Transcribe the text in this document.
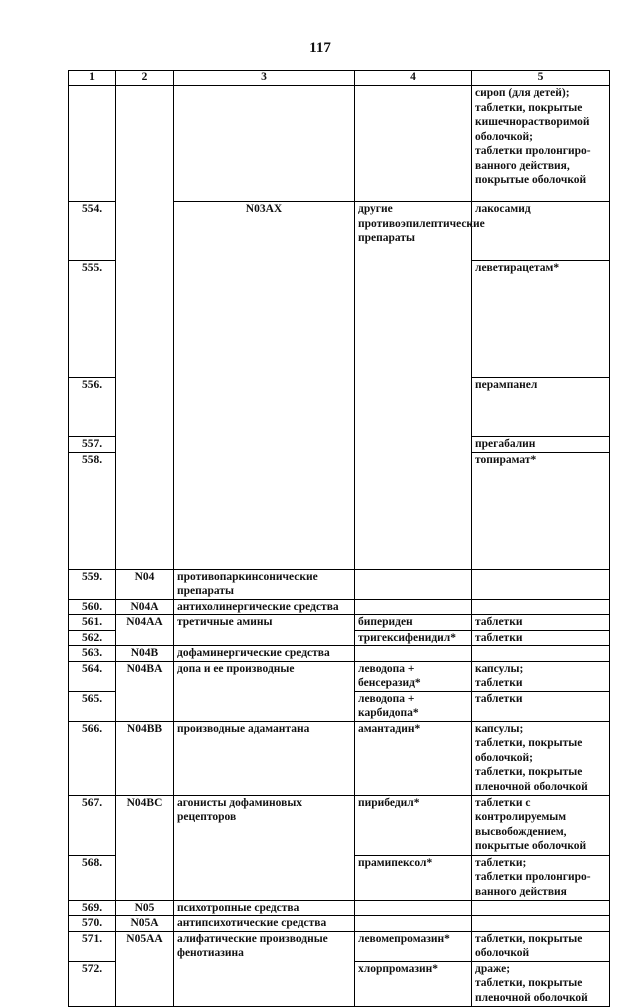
117
1	2	3	4	5	
				сироп (для детей);
таблетки, покрытые кишечнорастворимой оболочкой;
таблетки пролонгиро-ванного действия, покрытые оболочкой	
554.		N03AX	другие противоэпилептические препараты	лакосамид	
555.				леветирацетам*	
556.				перампанел	
557.				прегабалин	
558.				топирамат*	
559.	N04	противопаркинсонические препараты			
560.	N04A	антихолинергические средства			
561.	N04AA	третичные амины	бипериден	таблетки	
562.			тригексифенидил*	таблетки	
563.	N04B	дофаминергические средства			
564.	N04BA	допа и ее производные	леводопа + бенсеразид*	капсулы;
таблетки	
565.			леводопа + карбидопа*	таблетки	
566.	N04BB	производные адамантана	амантадин*	капсулы;
таблетки, покрытые оболочкой;
таблетки, покрытые пленочной оболочкой	
567.	N04BC	агонисты дофаминовых рецепторов	пирибедил*	таблетки с контролируемым высвобождением, покрытые оболочкой	
568.			прамипексол*	таблетки;
таблетки пролонгиро-ванного действия	
569.	N05	психотропные средства			
570.	N05A	антипсихотические средства			
571.	N05AA	алифатические производные фенотиазина	левомепромазин*	таблетки, покрытые оболочкой	
572.			хлорпромазин*	драже;
таблетки, покрытые пленочной оболочкой	
